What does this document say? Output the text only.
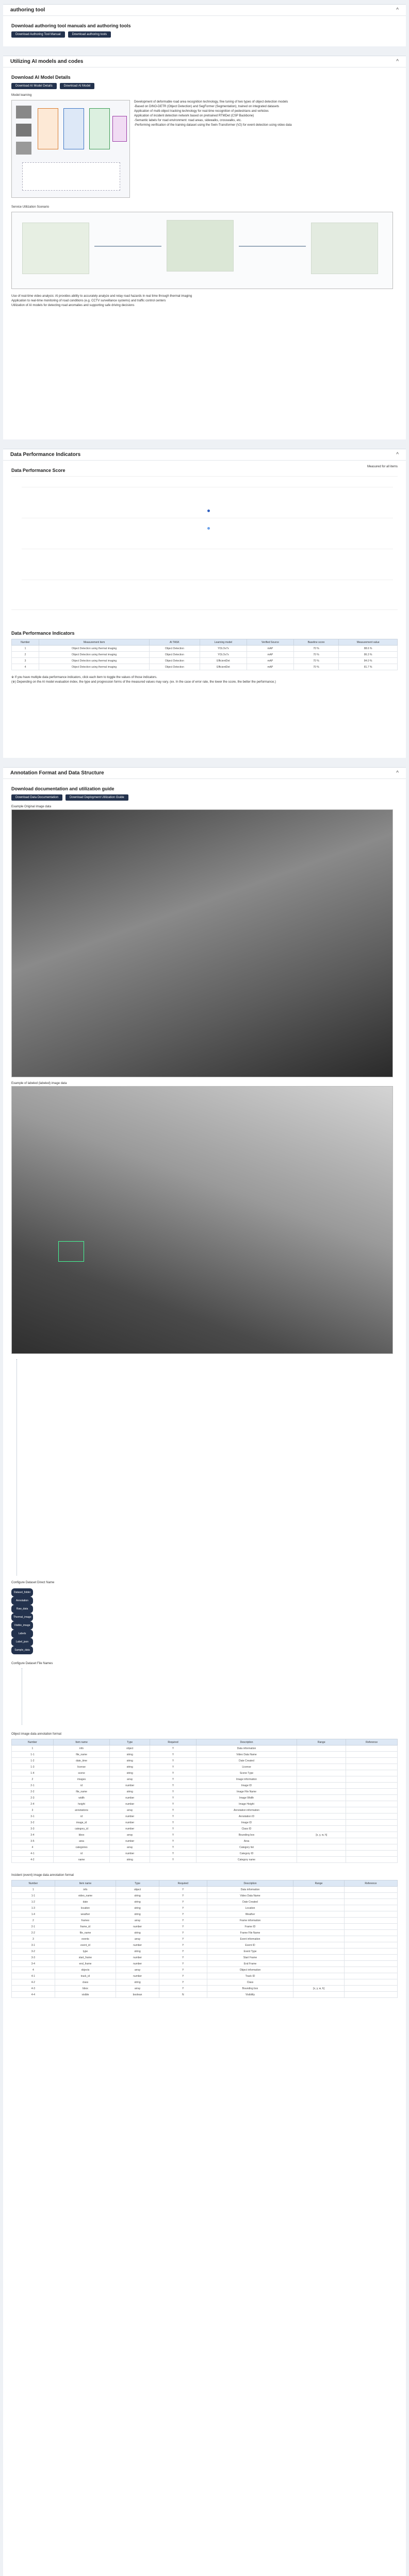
authoring tool	^
Download authoring tool manuals and authoring tools
Download Authoring Tool Manual	Download authoring tools
Utilizing AI models and codes	^
Download AI Model Details
Download AI Model Details	Download AI Model
Model learning
Development of deformable road area recognition technology, fine tuning of two types of object detection models
-Based on DINO-DETR (Object Detection) and SegFormer (Segmentation), trained on integrated datasets
Application of multi-object tracking technology for real-time recognition of pedestrians and vehicles
Application of incident detection network based on pretrained RTMDet (CSP Backbone)
-Semantic labels for road environment: road areas, sidewalks, crosswalks, etc.
-Performing verification of the training dataset using the Swin-Transformer (V2) for event detection using video data
Service Utilization Scenario
Use of real-time video analysis: AI provides ability to accurately analyze and relay road hazards in real time through thermal imaging
Application to real-time monitoring of road conditions (e.g. CCTV surveillance systems) and traffic control centers
Utilization of AI models for detecting road anomalies and supporting safe driving decisions
Data Performance Indicators	^
Data Performance Score
Measured for all items
Data Performance Indicators
Number	Measurement item	AI TASK	Learning model	Verified Source	Baseline score	Measurement value
1	Object Detection using thermal imaging	Object Detection	YOLOv7x	mAP	70 %	88.6 %
2	Object Detection using thermal imaging	Object Detection	YOLOv7x	mAP	70 %	86.3 %
3	Object Detection using thermal imaging	Object Detection	EfficientDet	mAP	70 %	84.0 %
4	Object Detection using thermal imaging	Object Detection	EfficientDet	mAP	70 %	81.7 %
※ If you have multiple data performance indicators, click each item to toggle the values of those indicators.
(※) Depending on the AI model evaluation index, the type and progression forms of the measured values may vary. (ex. In the case of error rate, the lower the score, the better the performance.)
Annotation Format and Data Structure	^
Download documentation and utilization guide
Download Data Documentation	Download Deployment Utilization Guide
Example Original image data
Example of labeled (labeled) image data
Configure Dataset Direct Name
Dataset_folder
Annotation
Raw_data
Thermal_image
Visible_image
Labels
Label_json
Sample_data
Configure Dataset File Names
Object image data annotation format
Number	Item name	Type	Required	Description	Range	Reference
1	info	object	Y	Data information		
1-1	file_name	string	Y	Video Data Name		
1-2	date_time	string	Y	Date Created		
1-3	license	string	Y	License		
1-4	scene	string	Y	Scene Type		
2	images	array	Y	Image information		
2-1	id	number	Y	Image ID		
2-2	file_name	string	Y	Image File Name		
2-3	width	number	Y	Image Width		
2-4	height	number	Y	Image Height		
3	annotations	array	Y	Annotation information		
3-1	id	number	Y	Annotation ID		
3-2	image_id	number	Y	Image ID		
3-3	category_id	number	Y	Class ID		
3-4	bbox	array	Y	Bounding box	[x, y, w, h]	
3-5	area	number	Y	Area		
4	categories	array	Y	Category list		
4-1	id	number	Y	Category ID		
4-2	name	string	Y	Category name		
Incident (event) image data annotation format
Number	Item name	Type	Required	Description	Range	Reference
1	info	object	Y	Data information		
1-1	video_name	string	Y	Video Data Name		
1-2	date	string	Y	Date Created		
1-3	location	string	Y	Location		
1-4	weather	string	Y	Weather		
2	frames	array	Y	Frame information		
2-1	frame_id	number	Y	Frame ID		
2-2	file_name	string	Y	Frame File Name		
3	events	array	Y	Event information		
3-1	event_id	number	Y	Event ID		
3-2	type	string	Y	Event Type		
3-3	start_frame	number	Y	Start Frame		
3-4	end_frame	number	Y	End Frame		
4	objects	array	Y	Object information		
4-1	track_id	number	Y	Track ID		
4-2	class	string	Y	Class		
4-3	bbox	array	Y	Bounding box	[x, y, w, h]	
4-4	visible	boolean	N	Visibility		
